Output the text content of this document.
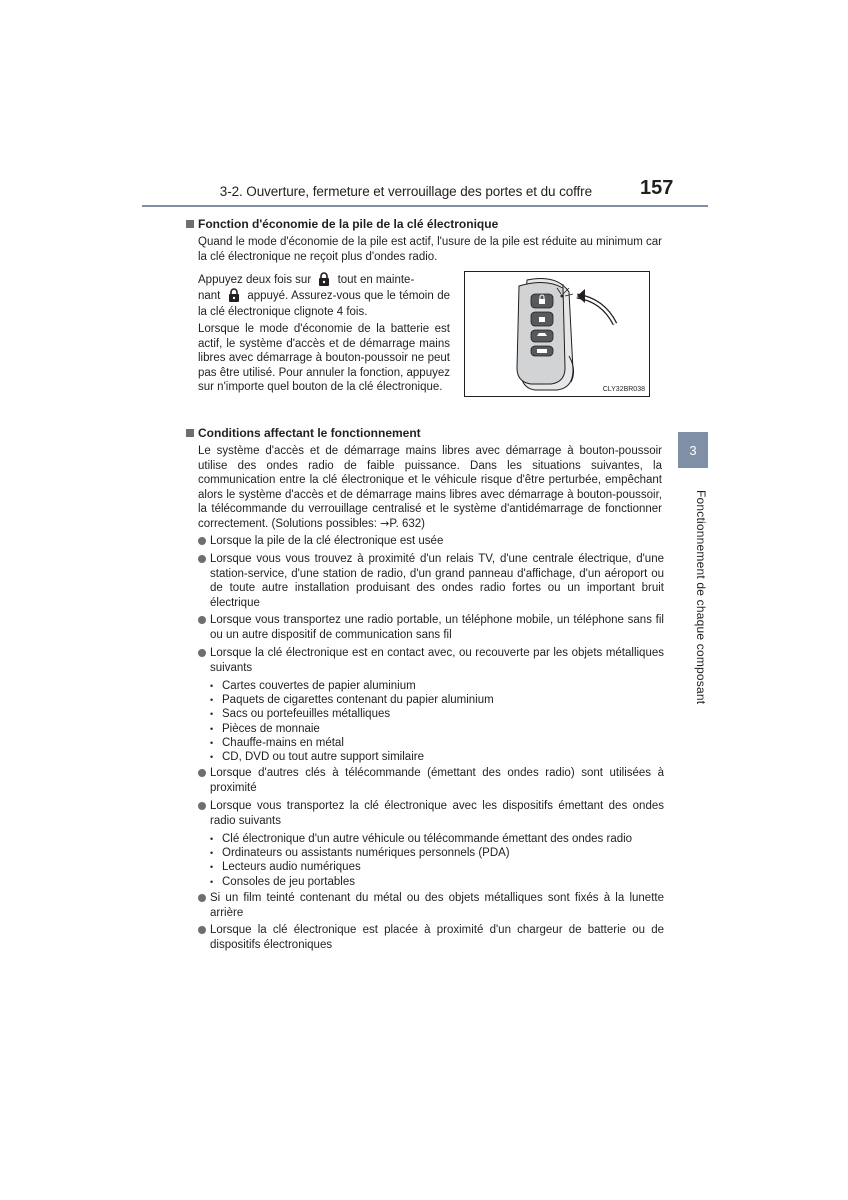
3-2. Ouverture, fermeture et verrouillage des portes et du coffre 157
Fonction d'économie de la pile de la clé électronique
Quand le mode d'économie de la pile est actif, l'usure de la pile est réduite au minimum car la clé électronique ne reçoit plus d'ondes radio.
Appuyez deux fois sur tout en mainte-
nant appuyé. Assurez-vous que le témoin de la clé électronique clignote 4 fois.
Lorsque le mode d'économie de la batterie est actif, le système d'accès et de démarrage mains libres avec démarrage à bouton-poussoir ne peut pas être utilisé. Pour annuler la fonction, appuyez sur n'importe quel bouton de la clé électronique.	CLY32BR038
Conditions affectant le fonctionnement
Le système d'accès et de démarrage mains libres avec démarrage à bouton-poussoir utilise des ondes radio de faible puissance. Dans les situations suivantes, la communication entre la clé électronique et le véhicule risque d'être perturbée, empêchant alors le système d'accès et de démarrage mains libres avec démarrage à bouton-poussoir, la télécommande du verrouillage centralisé et le système d'antidémarrage de fonctionner correctement. (Solutions possibles: →P. 632)
Lorsque la pile de la clé électronique est usée
Lorsque vous vous trouvez à proximité d'un relais TV, d'une centrale électrique, d'une station-service, d'une station de radio, d'un grand panneau d'affichage, d'un aéroport ou de toute autre installation produisant des ondes radio fortes ou un important bruit électrique
Lorsque vous transportez une radio portable, un téléphone mobile, un téléphone sans fil ou un autre dispositif de communication sans fil
Lorsque la clé électronique est en contact avec, ou recouverte par les objets métalliques suivants
• Cartes couvertes de papier aluminium
• Paquets de cigarettes contenant du papier aluminium
• Sacs ou portefeuilles métalliques
• Pièces de monnaie
• Chauffe-mains en métal
• CD, DVD ou tout autre support similaire
Lorsque d'autres clés à télécommande (émettant des ondes radio) sont utilisées à proximité
Lorsque vous transportez la clé électronique avec les dispositifs émettant des ondes radio suivants
• Clé électronique d'un autre véhicule ou télécommande émettant des ondes radio
• Ordinateurs ou assistants numériques personnels (PDA)
• Lecteurs audio numériques
• Consoles de jeu portables
Si un film teinté contenant du métal ou des objets métalliques sont fixés à la lunette arrière
Lorsque la clé électronique est placée à proximité d'un chargeur de batterie ou de dispositifs électroniques
3
Fonctionnement de chaque composant
